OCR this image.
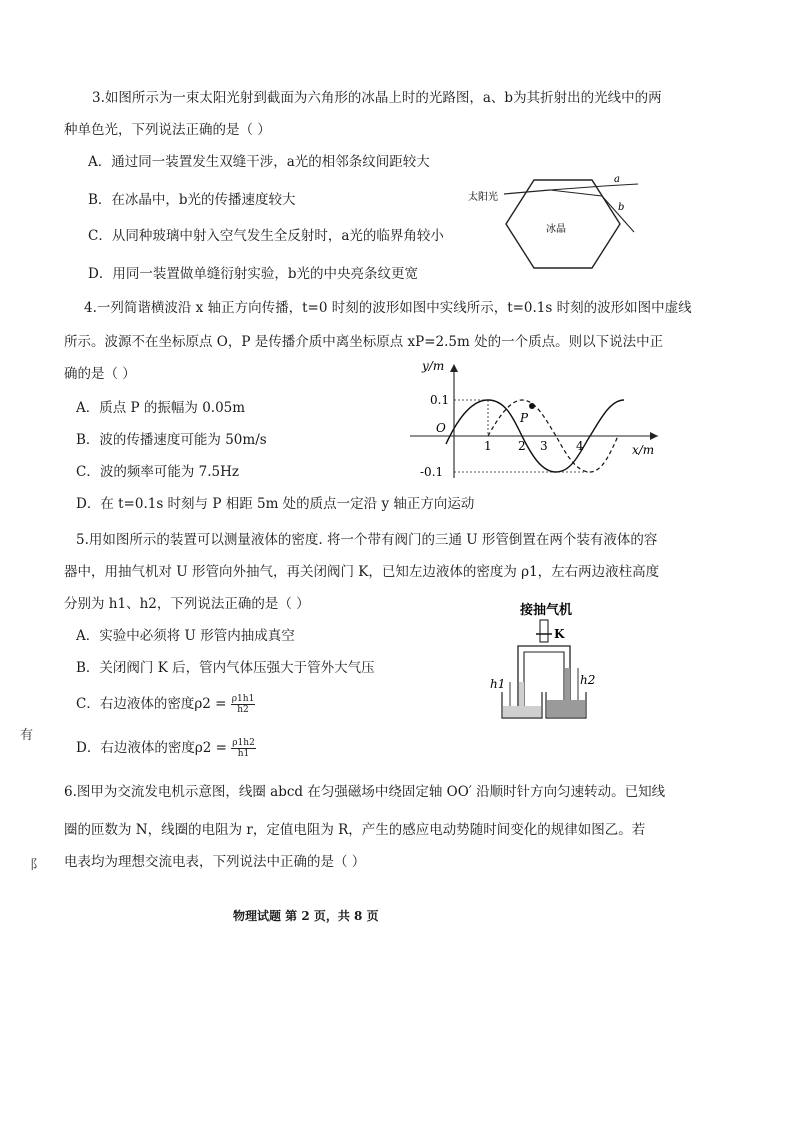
3.如图所示为一束太阳光射到截面为六角形的冰晶上时的光路图，a、b为其折射出的光线中的两
种单色光，下列说法正确的是（ ）
A．通过同一装置发生双缝干涉，a光的相邻条纹间距较大
B．在冰晶中，b光的传播速度较大
C．从同种玻璃中射入空气发生全反射时，a光的临界角较小
D．用同一装置做单缝衍射实验，b光的中央亮条纹更宽
太阳光
冰晶
a
b
4.一列简谐横波沿 x 轴正方向传播，t=0 时刻的波形如图中实线所示，t=0.1s 时刻的波形如图中虚线
所示。波源不在坐标原点 O，P 是传播介质中离坐标原点 xP=2.5m 处的一个质点。则以下说法中正
确的是（ ）
A．质点 P 的振幅为 0.05m
B．波的传播速度可能为 50m/s
C．波的频率可能为 7.5Hz
D．在 t=0.1s 时刻与 P 相距 5m 处的质点一定沿 y 轴正方向运动
y/m
x/m
O
0.1
-0.1
P
1 2 3 4
5.用如图所示的装置可以测量液体的密度. 将一个带有阀门的三通 U 形管倒置在两个装有液体的容
器中，用抽气机对 U 形管向外抽气，再关闭阀门 K，已知左边液体的密度为 ρ1，左右两边液柱高度
分别为 h1、h2，下列说法正确的是（ ）
A．实验中必须将 U 形管内抽成真空
B．关闭阀门 K 后，管内气体压强大于管外大气压
C．右边液体的密度$\rho 2 = \frac{\rho 1h1}{h2}$
D．右边液体的密度$\rho 2 = \frac{\rho 1h2}{h1}$
接抽气机
K
h1	h2
6.图甲为交流发电机示意图，线圈 abcd 在匀强磁场中绕固定轴 OO′ 沿顺时针方向匀速转动。已知线
圈的匝数为 N，线圈的电阻为 r，定值电阻为 R，产生的感应电动势随时间变化的规律如图乙。若
电表均为理想交流电表，下列说法中正确的是（ ）
有
阝
物理试题 第 2 页，共 8 页
